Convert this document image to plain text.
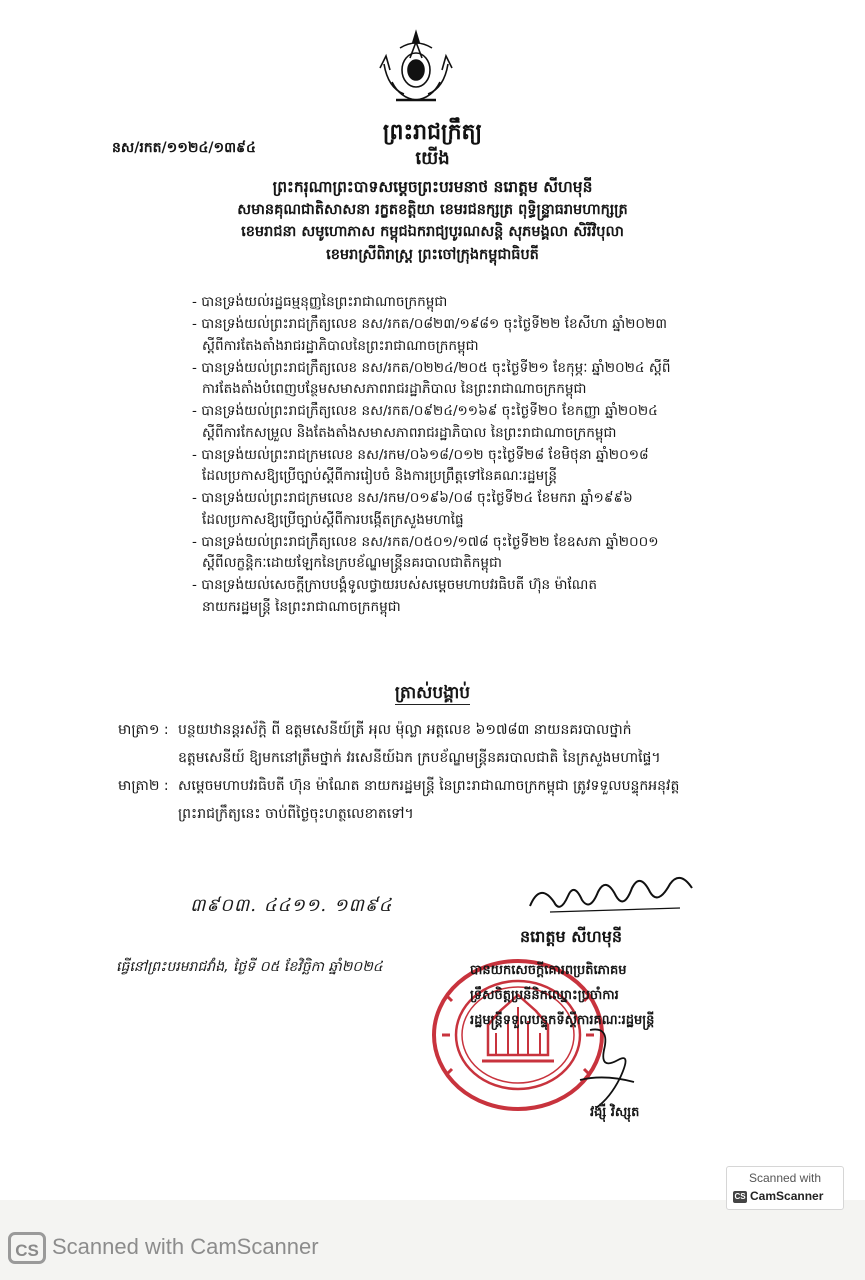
ព្រះរាជក្រឹត្យ
នស/រកត/១១២៤/១៣៩៤	យើង
ព្រះករុណាព្រះបាទសម្តេចព្រះបរមនាថ នរោត្តម សីហមុនី
សមានគុណជាតិសាសនា រក្ខតខត្តិយា ខេមរជនក្សត្រ ពុទ្ធិន្ទ្រាធរាមហាក្សត្រ
ខេមរាជនា សមូហោភាស កម្ពុជឯករាជ្យបូរណសន្តិ សុភមង្គលា សិរីវិបុលា
ខេមរាស្រីពិរាស្ត្រ ព្រះចៅក្រុងកម្ពុជាធិបតី
- បានទ្រង់យល់រដ្ឋធម្មនុញ្ញនៃព្រះរាជាណាចក្រកម្ពុជា
- បានទ្រង់យល់ព្រះរាជក្រឹត្យលេខ នស/រកត/០៨២៣/១៩៨១ ចុះថ្ងៃទី២២ ខែសីហា ឆ្នាំ២០២៣
ស្តីពីការតែងតាំងរាជរដ្ឋាភិបាលនៃព្រះរាជាណាចក្រកម្ពុជា
- បានទ្រង់យល់ព្រះរាជក្រឹត្យលេខ នស/រកត/០២២៤/២០៥ ចុះថ្ងៃទី២១ ខែកុម្ភៈ ឆ្នាំ២០២៤ ស្តីពី
ការតែងតាំងបំពេញបន្ថែមសមាសភាពរាជរដ្ឋាភិបាល នៃព្រះរាជាណាចក្រកម្ពុជា
- បានទ្រង់យល់ព្រះរាជក្រឹត្យលេខ នស/រកត/០៩២៤/១១៦៩ ចុះថ្ងៃទី២០ ខែកញ្ញា ឆ្នាំ២០២៤
ស្តីពីការកែសម្រួល និងតែងតាំងសមាសភាពរាជរដ្ឋាភិបាល នៃព្រះរាជាណាចក្រកម្ពុជា
- បានទ្រង់យល់ព្រះរាជក្រមលេខ នស/រកម/០៦១៨/០១២ ចុះថ្ងៃទី២៨ ខែមិថុនា ឆ្នាំ២០១៨
ដែលប្រកាសឱ្យប្រើច្បាប់ស្តីពីការរៀបចំ និងការប្រព្រឹត្តទៅនៃគណៈរដ្ឋមន្ត្រី
- បានទ្រង់យល់ព្រះរាជក្រមលេខ នស/រកម/០១៩៦/០៨ ចុះថ្ងៃទី២៤ ខែមករា ឆ្នាំ១៩៩៦
ដែលប្រកាសឱ្យប្រើច្បាប់ស្តីពីការបង្កើតក្រសួងមហាផ្ទៃ
- បានទ្រង់យល់ព្រះរាជក្រឹត្យលេខ នស/រកត/០៥០១/១៧៨ ចុះថ្ងៃទី២២ ខែឧសភា ឆ្នាំ២០០១
ស្តីពីលក្ខន្តិកៈដោយឡែកនៃក្របខ័ណ្ឌមន្ត្រីនគរបាលជាតិកម្ពុជា
- បានទ្រង់យល់សេចក្តីក្រាបបង្គំទូលថ្វាយរបស់សម្តេចមហាបវរធិបតី ហ៊ុន ម៉ាណែត
នាយករដ្ឋមន្ត្រី នៃព្រះរាជាណាចក្រកម្ពុជា
ត្រាស់បង្គាប់
មាត្រា១ : បន្ថយឋានន្តរស័ក្តិ ពី ឧត្តមសេនីយ៍ត្រី អុល ម៉ុល្លា អត្តលេខ ៦១៧៨៣ នាយនគរបាលថ្នាក់
ឧត្តមសេនីយ៍ ឱ្យមកនៅត្រឹមថ្នាក់ វរសេនីយ៍ឯក ក្របខ័ណ្ឌមន្ត្រីនគរបាលជាតិ នៃក្រសួងមហាផ្ទៃ។
មាត្រា២ : សម្តេចមហាបវរធិបតី ហ៊ុន ម៉ាណែត នាយករដ្ឋមន្ត្រី នៃព្រះរាជាណាចក្រកម្ពុជា ត្រូវទទួលបន្ទុកអនុវត្ត
ព្រះរាជក្រឹត្យនេះ ចាប់ពីថ្ងៃចុះហត្ថលេខាតទៅ។
៣៩០៣. ៤៤១១. ១៣៩៤
ធ្វើនៅព្រះបរមរាជវាំង, ថ្ងៃទី ០៥ ខែវិច្ឆិកា ឆ្នាំ២០២៤
នរោត្តម សីហមុនី
បានយកសេចក្តីគោរពប្រតិភោគម
ទ្រឹសចិត្តប្រនីនិកឈ្នោះប្រចាំការ
រដ្ឋមន្ត្រីទទួលបន្ទុកទីស្តីការគណៈរដ្ឋមន្ត្រី
វង្ស៊ី វិស្សុត
Scanned with
CS CamScanner
CS Scanned with CamScanner
